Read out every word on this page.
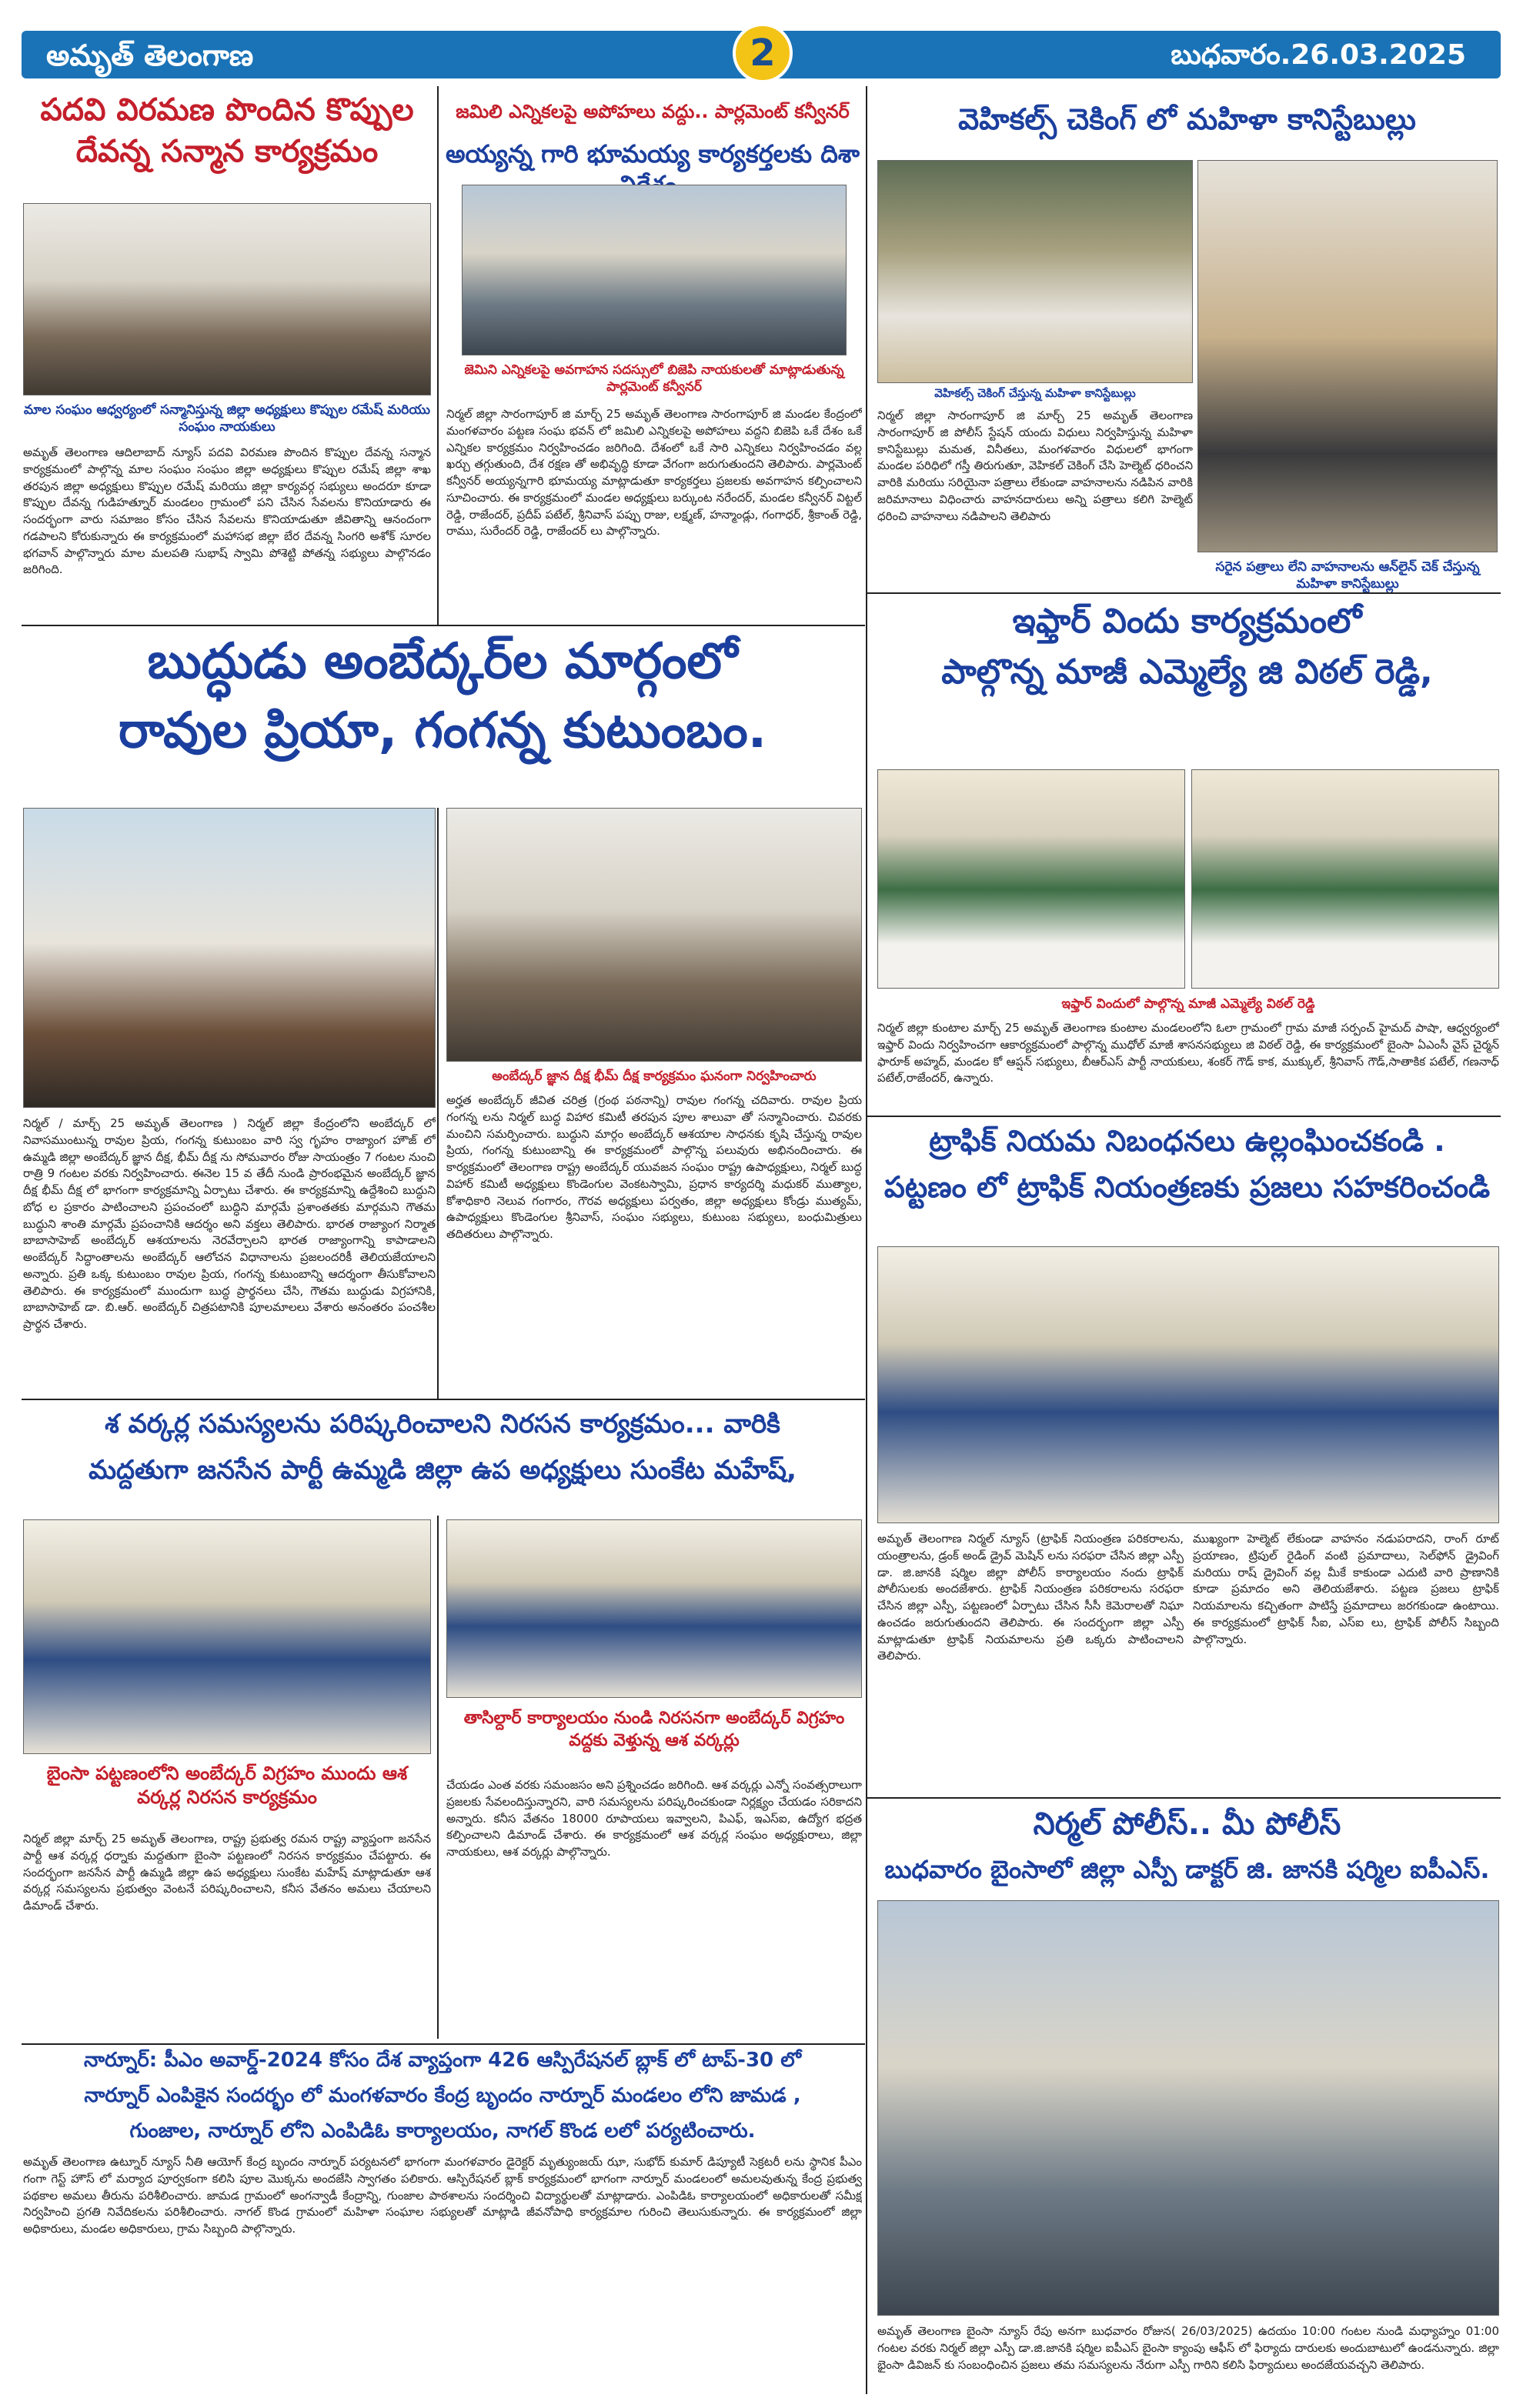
అమృత్ తెలంగాణ	2	బుధవారం.26.03.2025
పదవి విరమణ పొందిన కొప్పుల
దేవన్న సన్మాన కార్యక్రమం
మాల సంఘం ఆధ్వర్యంలో సన్మానిస్తున్న జిల్లా అధ్యక్షులు కొప్పుల రమేష్ మరియు సంఘం నాయకులు
అమృత్ తెలంగాణ ఆదిలాబాద్ న్యూస్‌ పదవి విరమణ పొందిన కొప్పుల దేవన్న సన్మాన కార్యక్రమంలో పాల్గొన్న మాల సంఘం సంఘం జిల్లా అధ్యక్షులు కొప్పుల రమేష్ జిల్లా శాఖ తరపున జిల్లా అధ్యక్షులు కొప్పుల రమేష్ మరియు జిల్లా కార్యవర్గ సభ్యులు అందరూ కూడా కొప్పుల దేవన్న గుడిహత్నూర్ మండలం గ్రామంలో పని చేసిన సేవలను కొనియాడారు ఈ సందర్భంగా వారు సమాజం కోసం చేసిన సేవలను కొనియాడుతూ జీవితాన్ని ఆనందంగా గడపాలని కోరుకున్నారు ఈ కార్యక్రమంలో మహాసభ జిల్లా బేర దేవన్న సింగరి అశోక్ సూరల భగవాన్ పాల్గొన్నారు మాల మలపతి సుభాష్ స్వామి పోశెట్టి పోతన్న సభ్యులు పాల్గొనడం జరిగింది.
జమిలి ఎన్నికలపై అపోహలు వద్దు.. పార్లమెంట్ కన్వీనర్
అయ్యన్న గారి భూమయ్య కార్యకర్తలకు దిశా
జెమిని ఎన్నికలపై అవగాహన సదస్సులో బిజెపి నాయకులతో మాట్లాడుతున్న పార్లమెంట్ కన్వీనర్
నిర్మల్ జిల్లా సారంగాపూర్ జి మార్చ్ 25 అమృత్ తెలంగాణ సారంగాపూర్ జి మండల కేంద్రంలో మంగళవారం పట్టణ సంఘ భవన్ లో జమిలి ఎన్నికలపై అపోహలు వద్దని బిజెపి ఒకే దేశం ఒకే ఎన్నికల కార్యక్రమం నిర్వహించడం జరిగింది. దేశంలో ఒకే సారి ఎన్నికలు నిర్వహించడం వల్ల ఖర్చు తగ్గుతుంది, దేశ రక్షణ తో అభివృద్ధి కూడా వేగంగా జరుగుతుందని తెలిపారు. పార్లమెంట్ కన్వీనర్ అయ్యన్నగారి భూమయ్య మాట్లాడుతూ కార్యకర్తలు ప్రజలకు అవగాహన కల్పించాలని సూచించారు. ఈ కార్యక్రమంలో మండల అధ్యక్షులు బర్కుంట నరేందర్, మండల కన్వీనర్ విట్టల్ రెడ్డి, రాజేందర్, ప్రదీప్ పటేల్, శ్రీనివాస్ పప్పు రాజు, లక్ష్మణ్, హన్మాండ్లు, గంగాధర్, శ్రీకాంత్ రెడ్డి, రాము, సురేందర్ రెడ్డి, రాజేందర్ లు పాల్గొన్నారు.
వెహికల్స్ చెకింగ్ లో మహిళా కానిస్టేబుల్లు
వెహికల్స్ చెకింగ్ చేస్తున్న మహిళా కానిస్టేబుల్లు
నిర్మల్ జిల్లా సారంగాపూర్ జి మార్చ్ 25 అమృత్ తెలంగాణ సారంగాపూర్ జి పోలీస్ స్టేషన్ యందు విధులు నిర్వహిస్తున్న మహిళా కానిస్టేబుల్లు మమత, వినీతలు, మంగళవారం విధులలో భాగంగా మండల పరిధిలో గస్తీ తిరుగుతూ, వెహికల్ చెకింగ్ చేసి హెల్మెట్ ధరించని వారికి మరియు సరియైనా పత్రాలు లేకుండా వాహనాలను నడిపిన వారికి జరిమానాలు విధించారు వాహనదారులు అన్ని పత్రాలు కలిగి హెల్మెట్ ధరించి వాహనాలు నడిపాలని తెలిపారు
సరైన పత్రాలు లేని వాహనాలను ఆన్‌లైన్ చెక్ చేస్తున్న మహిళా కానిస్టేబుల్లు
బుద్ధుడు అంబేద్కర్‌ల మార్గంలో
రావుల ప్రియా, గంగన్న కుటుంబం.
అంబేద్కర్ జ్ఞాన దీక్ష భీమ్ దీక్ష కార్యక్రమం ఘనంగా నిర్వహించారు
నిర్మల్ / మార్చ్ 25 అమృత్ తెలంగాణ ) నిర్మల్ జిల్లా కేంద్రంలోని అంబేద్కర్ లో నివాసముంటున్న రావుల ప్రియ, గంగన్న కుటుంబం వారి స్వ గృహం రాజ్యాంగ హౌజ్ లో ఉమ్మడి జిల్లా అంబేద్కర్ జ్ఞాన దీక్ష, భీమ్ దీక్ష ను సోమవారం రోజు సాయంత్రం 7 గంటల నుంచి రాత్రి 9 గంటల వరకు నిర్వహించారు. ఈనెల 15 వ తేదీ నుండి ప్రారంభమైన అంబేద్కర్ జ్ఞాన దీక్ష భీమ్ దీక్ష లో భాగంగా కార్యక్రమాన్ని ఏర్పాటు చేశారు. ఈ కార్యక్రమాన్ని ఉద్దేశించి బుద్ధుని బోధ ల ప్రకారం పాటించాలని ప్రపంచంలో బుద్ధిని మార్గమే ప్రశాంతతకు మార్గమని గౌతమ బుద్ధుని శాంతి మార్గమే ప్రపంచానికి ఆదర్శం అని వక్తలు తెలిపారు. భారత రాజ్యాంగ నిర్మాత బాబాసాహెబ్ అంబేద్కర్ ఆశయాలను నెరవేర్చాలని భారత రాజ్యాంగాన్ని కాపాడాలని అంబేద్కర్ సిద్ధాంతాలను అంబేద్కర్ ఆలోచన విధానాలను ప్రజలందరికీ తెలియజేయాలని అన్నారు. ప్రతి ఒక్క కుటుంబం రావుల ప్రియ, గంగన్న కుటుంబాన్ని ఆదర్శంగా తీసుకోవాలని తెలిపారు. ఈ కార్యక్రమంలో ముందుగా బుద్ధ ప్రార్థనలు చేసి, గౌతమ బుద్ధుడు విగ్రహానికి, బాబాసాహెబ్ డా. బి.ఆర్. అంబేద్కర్ చిత్రపటానికి పూలమాలలు వేశారు అనంతరం పంచశీల ప్రార్థన చేశారు.
అర్హత అంబేద్కర్ జీవిత చరిత్ర (గ్రంథ పఠనాన్ని) రావుల గంగన్న చదివారు. రావుల ప్రియ గంగన్న లను నిర్మల్ బుద్ధ విహార కమిటీ తరపున పూల శాలువా తో సన్మానించారు. చివరకు మంచిని సమర్పించారు. బుద్ధుని మార్గం అంబేద్కర్ ఆశయాల సాధనకు కృషి చేస్తున్న రావుల ప్రియ, గంగన్న కుటుంబాన్ని ఈ కార్యక్రమంలో పాల్గొన్న పలువురు అభినందించారు. ఈ కార్యక్రమంలో తెలంగాణ రాష్ట్ర అంబేద్కర్ యువజన సంఘం రాష్ట్ర ఉపాధ్యక్షులు, నిర్మల్ బుద్ధ విహార్ కమిటీ అధ్యక్షులు కొండెంగుల వెంకటస్వామి, ప్రధాన కార్యదర్శి మధుకర్ ముత్యాల, కోశాధికారి నెలువ గంగారం, గౌరవ అధ్యక్షులు పర్వతం, జిల్లా అధ్యక్షులు కోండ్రు ముత్యమ్, ఉపాధ్యక్షులు కొండెంగుల శ్రీనివాస్, సంఘం సభ్యులు, కుటుంబ సభ్యులు, బంధుమిత్రులు తదితరులు పాల్గొన్నారు.
ఇఫ్తార్ విందు కార్యక్రమంలో
పాల్గొన్న మాజీ ఎమ్మెల్యే జి విఠల్ రెడ్డి,
ఇఫ్తార్ విందులో పాల్గొన్న మాజీ ఎమ్మెల్యే విఠల్ రెడ్డి
నిర్మల్ జిల్లా కుంటాల మార్చ్ 25 అమృత్ తెలంగాణ కుంటాల మండలంలోని ఓలా గ్రామంలో గ్రామ మాజీ సర్పంచ్ హైమద్ పాషా, ఆధ్వర్యంలో ఇఫ్తార్ విందు నిర్వహించగా ఆకార్యక్రమంలో పాల్గొన్న ముధోల్ మాజీ శాసనసభ్యులు జి విఠల్ రెడ్డి, ఈ కార్యక్రమంలో బైంసా ఏఎంసీ వైస్ చైర్మన్ ఫారూక్ అహ్మద్, మండల కో ఆప్షన్ సభ్యులు, బీఆర్ఎస్ పార్టీ నాయకులు, శంకర్ గౌడ్ కాక, ముక్కుల్, శ్రీనివాస్ గౌడ్,సాతాకిక పటేల్, గణనాధ్ పటేల్,రాజేందర్, ఉన్నారు.
ట్రాఫిక్ నియమ నిబంధనలు ఉల్లంఘించకండి .
పట్టణం లో ట్రాఫిక్ నియంత్రణకు ప్రజలు సహకరించండి
అమృత్ తెలంగాణ నిర్మల్ న్యూస్ (ట్రాఫిక్ నియంత్రణ పరికరాలను, యంత్రాలను, డ్రంక్ అండ్ డ్రైవ్ మెషిన్ లను సరఫరా చేసిన జిల్లా ఎస్పీ డా. జి.జానకి షర్మిల జిల్లా పోలీస్ కార్యాలయం నందు ట్రాఫిక్ పోలీసులకు అందజేశారు. ట్రాఫిక్ నియంత్రణ పరికరాలను సరఫరా చేసిన జిల్లా ఎస్పీ, పట్టణంలో ఏర్పాటు చేసిన సీసీ కెమెరాలతో నిఘా ఉంచడం జరుగుతుందని తెలిపారు. ఈ సందర్భంగా జిల్లా ఎస్పీ మాట్లాడుతూ ట్రాఫిక్ నియమాలను ప్రతి ఒక్కరు పాటించాలని తెలిపారు.
ముఖ్యంగా హెల్మెట్ లేకుండా వాహనం నడుపరాదని, రాంగ్ రూట్ ప్రయాణం, ట్రిపుల్ రైడింగ్ వంటి ప్రమాదాలు, సెల్‌ఫోన్ డ్రైవింగ్ మరియు రాష్ డ్రైవింగ్ వల్ల మీకే కాకుండా ఎదుటి వారి ప్రాణానికి కూడా ప్రమాదం అని తెలియజేశారు. పట్టణ ప్రజలు ట్రాఫిక్ నియమాలను కచ్చితంగా పాటిస్తే ప్రమాదాలు జరగకుండా ఉంటాయి. ఈ కార్యక్రమంలో ట్రాఫిక్ సీఐ, ఎస్ఐ లు, ట్రాఫిక్ పోలీస్ సిబ్బంది పాల్గొన్నారు.
శ వర్కర్ల సమస్యలను పరిష్కరించాలని నిరసన కార్యక్రమం... వారికి
మద్దతుగా జనసేన పార్టీ ఉమ్మడి జిల్లా ఉప అధ్యక్షులు సుంకేట మహేష్,
బైంసా పట్టణంలోని అంబేద్కర్ విగ్రహం ముందు ఆశ వర్కర్ల నిరసన కార్యక్రమం
తాసిల్దార్ కార్యాలయం నుండి నిరసనగా అంబేద్కర్ విగ్రహం వద్దకు వెళ్తున్న ఆశ వర్కర్లు
నిర్మల్ జిల్లా మార్చ్ 25 అమృత్ తెలంగాణ, రాష్ట్ర ప్రభుత్వ రమన రాష్ట్ర వ్యాప్తంగా జనసేన పార్టీ ఆశ వర్కర్ల ధర్నాకు మద్దతుగా బైంసా పట్టణంలో నిరసన కార్యక్రమం చేపట్టారు. ఈ సందర్భంగా జనసేన పార్టీ ఉమ్మడి జిల్లా ఉప అధ్యక్షులు సుంకేట మహేష్ మాట్లాడుతూ ఆశ వర్కర్ల సమస్యలను ప్రభుత్వం వెంటనే పరిష్కరించాలని, కనీస వేతనం అమలు చేయాలని డిమాండ్ చేశారు.
చేయడం ఎంత వరకు సమంజసం అని ప్రశ్నించడం జరిగింది. ఆశ వర్కర్లు ఎన్నో సంవత్సరాలుగా ప్రజలకు సేవలందిస్తున్నారని, వారి సమస్యలను పరిష్కరించకుండా నిర్లక్ష్యం చేయడం సరికాదని అన్నారు. కనీస వేతనం 18000 రూపాయలు ఇవ్వాలని, పిఎఫ్, ఇఎస్ఐ, ఉద్యోగ భద్రత కల్పించాలని డిమాండ్ చేశారు. ఈ కార్యక్రమంలో ఆశ వర్కర్ల సంఘం అధ్యక్షురాలు, జిల్లా నాయకులు, ఆశ వర్కర్లు పాల్గొన్నారు.
నార్నూర్: పీఎం అవార్డ్-2024 కోసం దేశ వ్యాప్తంగా 426 ఆస్పిరేషనల్ బ్లాక్ లో టాప్-30 లో
నార్నూర్ ఎంపికైన సందర్భం లో మంగళవారం కేంద్ర బృందం నార్నూర్ మండలం లోని జామడ ,
గుంజాల, నార్నూర్ లోని ఎంపిడిఓ కార్యాలయం, నాగల్ కొండ లలో పర్యటించారు.
అమృత్ తెలంగాణ ఉట్నూర్ న్యూస్ నీతి ఆయోగ్ కేంద్ర బృందం నార్నూర్ పర్యటనలో భాగంగా మంగళవారం డైరెక్టర్ మృత్యుంజయ్ ఝా, సుభోద్ కుమార్ డిప్యూటీ సెక్రటరీ లను స్థానిక పీఎం గంగా గెస్ట్ హౌస్ లో మర్యాద పూర్వకంగా కలిసి పూల మొక్కను అందజేసి స్వాగతం పలికారు. ఆస్పిరేషనల్ బ్లాక్ కార్యక్రమంలో భాగంగా నార్నూర్ మండలంలో అమలవుతున్న కేంద్ర ప్రభుత్వ పథకాల అమలు తీరును పరిశీలించారు. జామడ గ్రామంలో అంగన్వాడీ కేంద్రాన్ని, గుంజాల పాఠశాలను సందర్శించి విద్యార్థులతో మాట్లాడారు. ఎంపిడిఓ కార్యాలయంలో అధికారులతో సమీక్ష నిర్వహించి ప్రగతి నివేదికలను పరిశీలించారు. నాగల్ కొండ గ్రామంలో మహిళా సంఘాల సభ్యులతో మాట్లాడి జీవనోపాధి కార్యక్రమాల గురించి తెలుసుకున్నారు. ఈ కార్యక్రమంలో జిల్లా అధికారులు, మండల అధికారులు, గ్రామ సిబ్బంది పాల్గొన్నారు.
నిర్మల్ పోలీస్.. మీ పోలీస్
బుధవారం బైంసాలో జిల్లా ఎస్పీ డాక్టర్ జి. జానకి షర్మిల ఐపీఎస్.
అమృత్ తెలంగాణ బైంసా న్యూస్ రేపు అనగా బుధవారం రోజున( 26/03/2025) ఉదయం 10:00 గంటల నుండి మధ్యాహ్నం 01:00 గంటల వరకు నిర్మల్ జిల్లా ఎస్పీ డా.జి.జానకి షర్మిల ఐపీఎస్ బైంసా క్యాంపు ఆఫీస్ లో ఫిర్యాదు దారులకు అందుబాటులో ఉండనున్నారు. జిల్లా భైంసా డివిజన్ కు సంబంధించిన ప్రజలు తమ సమస్యలను నేరుగా ఎస్పీ గారిని కలిసి ఫిర్యాదులు అందజేయవచ్చని తెలిపారు.
